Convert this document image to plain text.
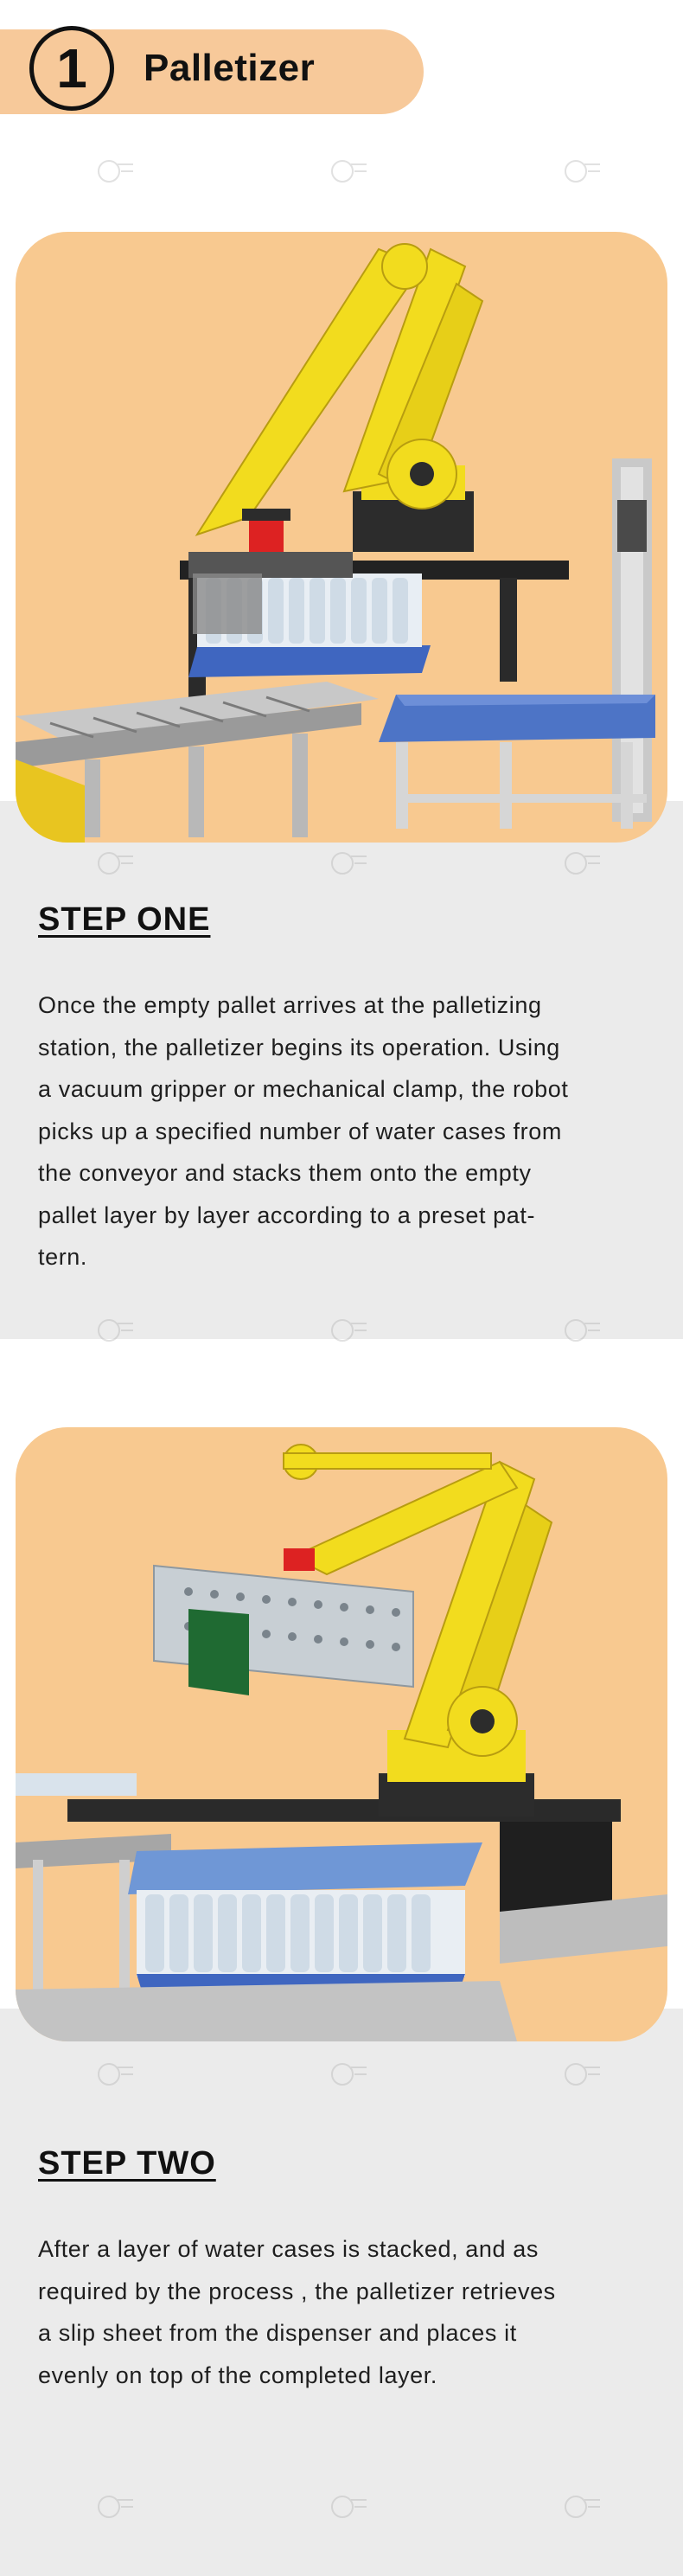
1	Palletizer
STEP ONE
Once the empty pallet arrives at the palletizing
station, the palletizer begins its operation. Using
a vacuum gripper or mechanical clamp, the robot
picks up a specified number of water cases from
the conveyor and stacks them onto the empty
pallet layer by layer according to a preset pat-
tern.
STEP TWO
After a layer of water cases is stacked, and as
required by the process , the palletizer retrieves
a slip sheet from the dispenser and places it
evenly on top of the completed layer.
